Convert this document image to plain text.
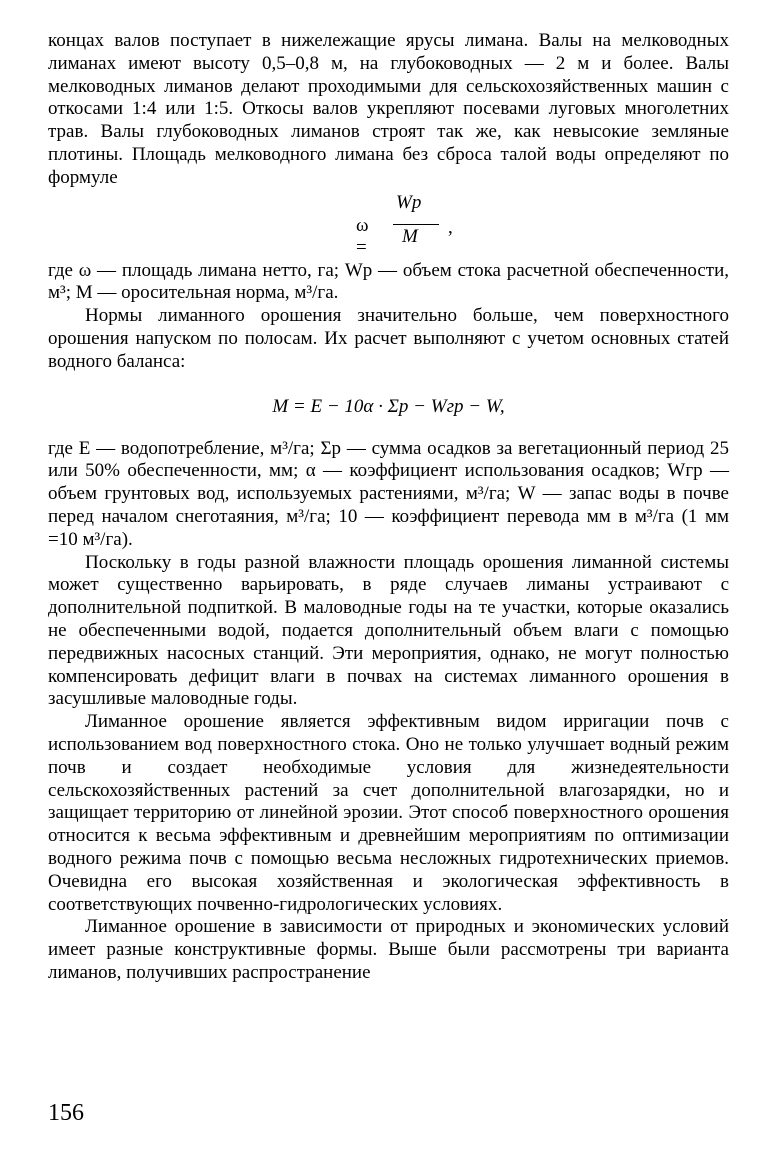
концах валов поступает в нижележащие ярусы лимана. Валы на мелководных лиманах имеют высоту 0,5–0,8 м, на глубоководных — 2 м и более. Валы мелководных лиманов делают проходимыми для сельскохозяйственных машин с откосами 1:4 или 1:5. Откосы валов укрепляют посевами луговых многолетних трав. Валы глубоководных лиманов строят так же, как невысокие земляные плотины. Площадь мелководного лимана без сброса талой воды определяют по формуле

ω =
Wp
M ,

где ω — площадь лимана нетто, га; Wp — объем стока расчетной обеспеченности, м³; М — оросительная норма, м³/га.

Нормы лиманного орошения значительно больше, чем поверхностного орошения напуском по полосам. Их расчет выполняют с учетом основных статей водного баланса:

M = E − 10α · Σp − Wгр − W,

где Е — водопотребление, м³/га; Σp — сумма осадков за вегетационный период 25 или 50% обеспеченности, мм; α — коэффициент использования осадков; Wгр — объем грунтовых вод, используемых растениями, м³/га; W — запас воды в почве перед началом снеготаяния, м³/га; 10 — коэффициент перевода мм в м³/га (1 мм =10 м³/га).

Поскольку в годы разной влажности площадь орошения лиманной системы может существенно варьировать, в ряде случаев лиманы устраивают с дополнительной подпиткой. В маловодные годы на те участки, которые оказались не обеспеченными водой, подается дополнительный объем влаги с помощью передвижных насосных станций. Эти мероприятия, однако, не могут полностью компенсировать дефицит влаги в почвах на системах лиманного орошения в засушливые маловодные годы.

Лиманное орошение является эффективным видом ирригации почв с использованием вод поверхностного стока. Оно не только улучшает водный режим почв и создает необходимые условия для жизнедеятельности сельскохозяйственных растений за счет дополнительной влагозарядки, но и защищает территорию от линейной эрозии. Этот способ поверхностного орошения относится к весьма эффективным и древнейшим мероприятиям по оптимизации водного режима почв с помощью весьма несложных гидротехнических приемов. Очевидна его высокая хозяйственная и экологическая эффективность в соответствующих почвенно-гидрологических условиях.

Лиманное орошение в зависимости от природных и экономических условий имеет разные конструктивные формы. Выше были рассмотрены три варианта лиманов, получивших распространение

156
